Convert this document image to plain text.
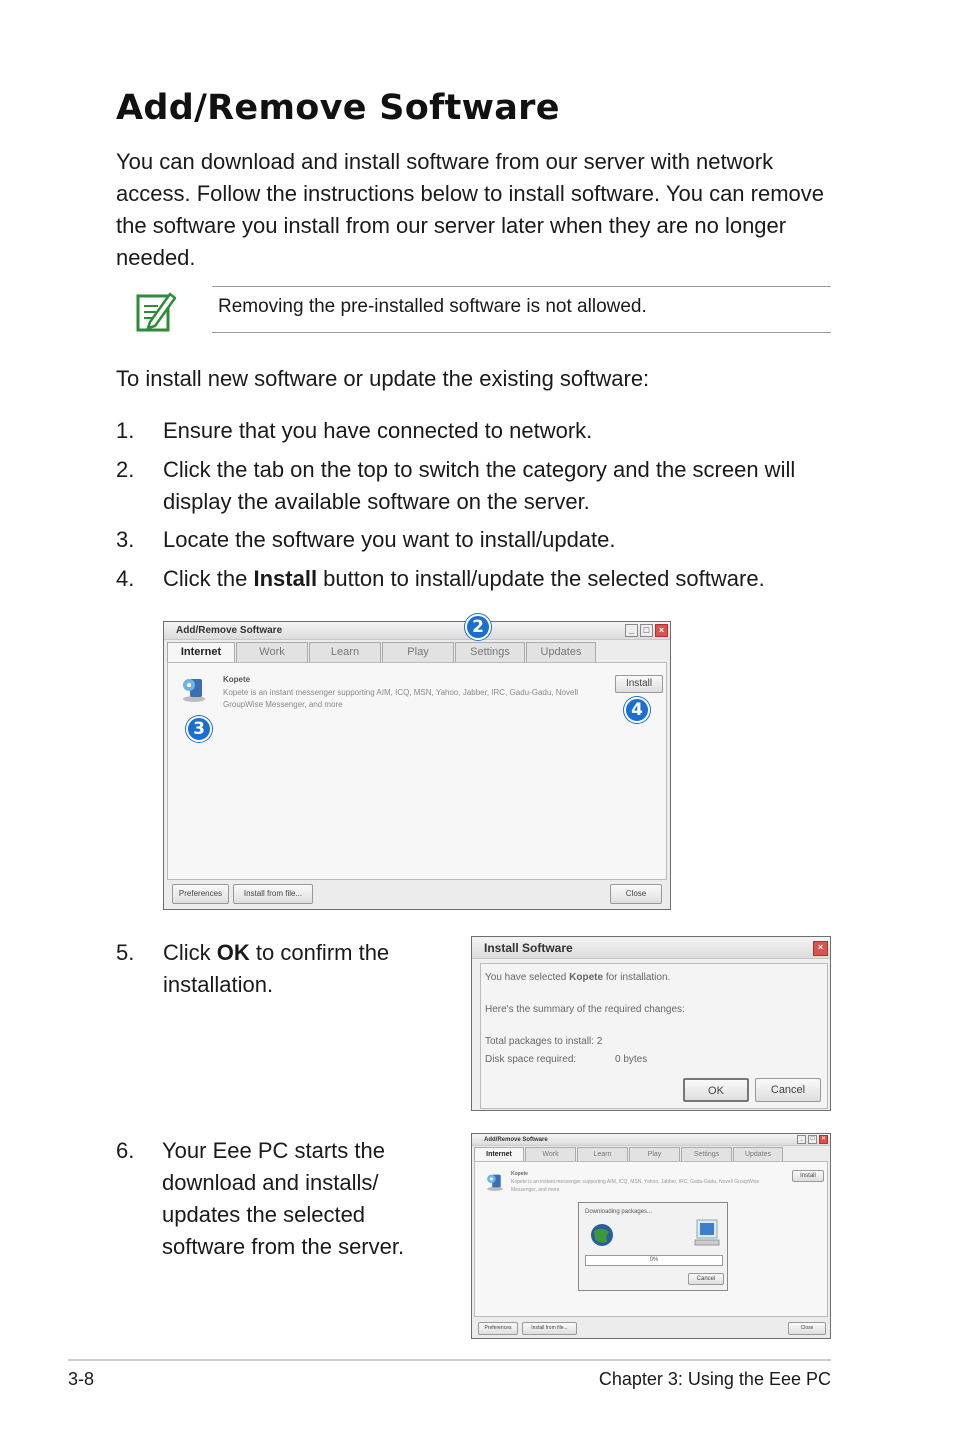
Add/Remove Software

You can download and install software from our server with network access. Follow the instructions below to install software. You can remove the software you install from our server later when they are no longer needed.

Removing the pre-installed software is not allowed.

To install new software or update the existing software:

1. Ensure that you have connected to network.
2. Click the tab on the top to switch the category and the screen will display the available software on the server.
3. Locate the software you want to install/update.
4. Click the Install button to install/update the selected software.
Add/Remove Software	_	□	×
Internet	Work	Learn	Play	Settings	Updates
Kopete
Kopete is an instant messenger supporting AIM, ICQ, MSN, Yahoo, Jabber, IRC, Gadu-Gadu, Novell GroupWise Messenger, and more
Install
Preferences	Install from file...	Close
2
4
3
5. Click OK to confirm the installation.
Install Software	×
You have selected Kopete for installation.
Here's the summary of the required changes:
Total packages to install: 2
Disk space required:	0 bytes
OK	Cancel
6. Your Eee PC starts the download and installs/ updates the selected software from the server.
Add/Remove Software	_	□	×
Internet	Work	Learn	Play	Settings	Updates
Kopete
Kopete is an instant messenger supporting AIM, ICQ, MSN, Yahoo, Jabber, IRC, Gadu-Gadu, Novell GroupWise Messenger, and more
Install
Downloading packages...
0%
Cancel
Preferences	Install from file...	Close
3-8	Chapter 3: Using the Eee PC
